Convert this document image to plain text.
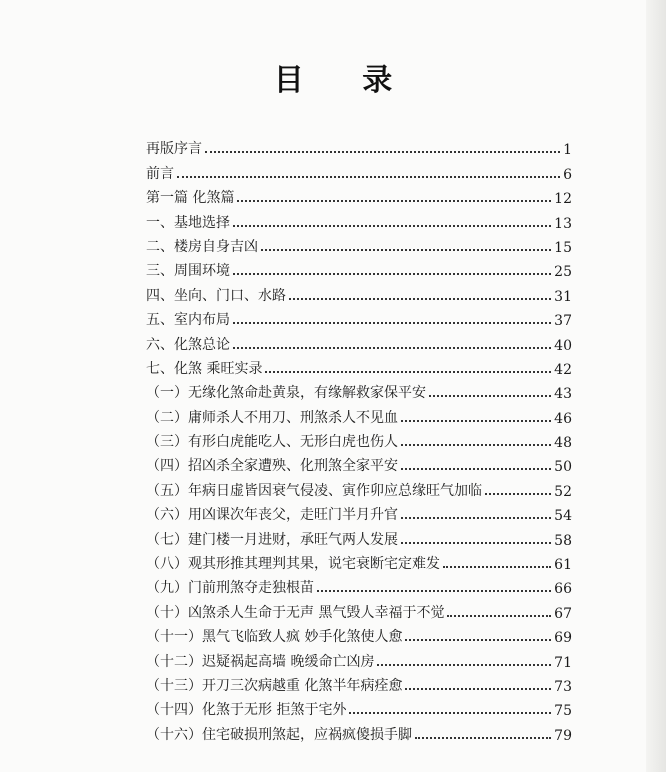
目 录
再版序言	1
前言	6
第一篇 化煞篇	12
一、基地选择	13
二、楼房自身吉凶	15
三、周围环境	25
四、坐向、门口、水路	31
五、室内布局	37
六、化煞总论	40
七、化煞 乘旺实录	42
（一）无缘化煞命赴黄泉，有缘解救家保平安	43
（二）庸师杀人不用刀、刑煞杀人不见血	46
（三）有形白虎能吃人、无形白虎也伤人	48
（四）招凶杀全家遭殃、化刑煞全家平安	50
（五）年病日虚皆因衰气侵凌、寅作卯应总缘旺气加临	52
（六）用凶课次年丧父，走旺门半月升官	54
（七）建门楼一月进财，承旺气两人发展	58
（八）观其形推其理判其果，说宅衰断宅定难发	61
（九）门前刑煞夺走独根苗	66
（十）凶煞杀人生命于无声 黑气毁人幸福于不觉	67
（十一）黑气飞临致人疯 妙手化煞使人愈	69
（十二）迟疑祸起高墙 晚缓命亡凶房	71
（十三）开刀三次病越重 化煞半年病痊愈	73
（十四）化煞于无形 拒煞于宅外	75
（十六）住宅破损刑煞起，应祸疯傻损手脚	79
